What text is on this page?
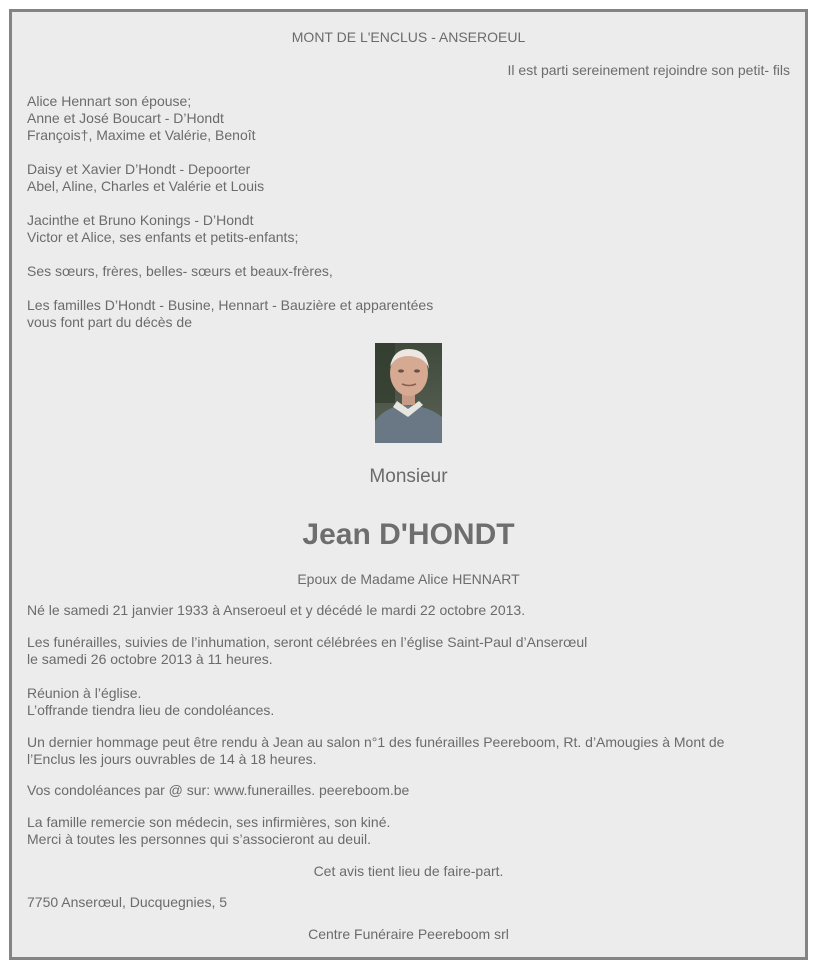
MONT DE L'ENCLUS - ANSEROEUL
Il est parti sereinement rejoindre son petit- fils
Alice Hennart son épouse;
Anne et José Boucart - D’Hondt
François†, Maxime et Valérie, Benoît
Daisy et Xavier D’Hondt - Depoorter
Abel, Aline, Charles et Valérie et Louis
Jacinthe et Bruno Konings - D’Hondt
Victor et Alice, ses enfants et petits-enfants;
Ses sœurs, frères, belles- sœurs et beaux-frères,
Les familles D’Hondt - Busine, Hennart - Bauzière et apparentées
vous font part du décès de
Monsieur
Jean D'HONDT
Epoux de Madame Alice HENNART
Né le samedi 21 janvier 1933 à Anseroeul et y décédé le mardi 22 octobre 2013.
Les funérailles, suivies de l’inhumation, seront célébrées en l’église Saint-Paul d’Anserœul
le samedi 26 octobre 2013 à 11 heures.
Réunion à l’église.
L’offrande tiendra lieu de condoléances.
Un dernier hommage peut être rendu à Jean au salon n°1 des funérailles Peereboom, Rt. d’Amougies à Mont de
l’Enclus les jours ouvrables de 14 à 18 heures.
Vos condoléances par @ sur: www.funerailles. peereboom.be
La famille remercie son médecin, ses infirmières, son kiné.
Merci à toutes les personnes qui s’associeront au deuil.
Cet avis tient lieu de faire-part.
7750 Anserœul, Ducquegnies, 5
Centre Funéraire Peereboom srl
